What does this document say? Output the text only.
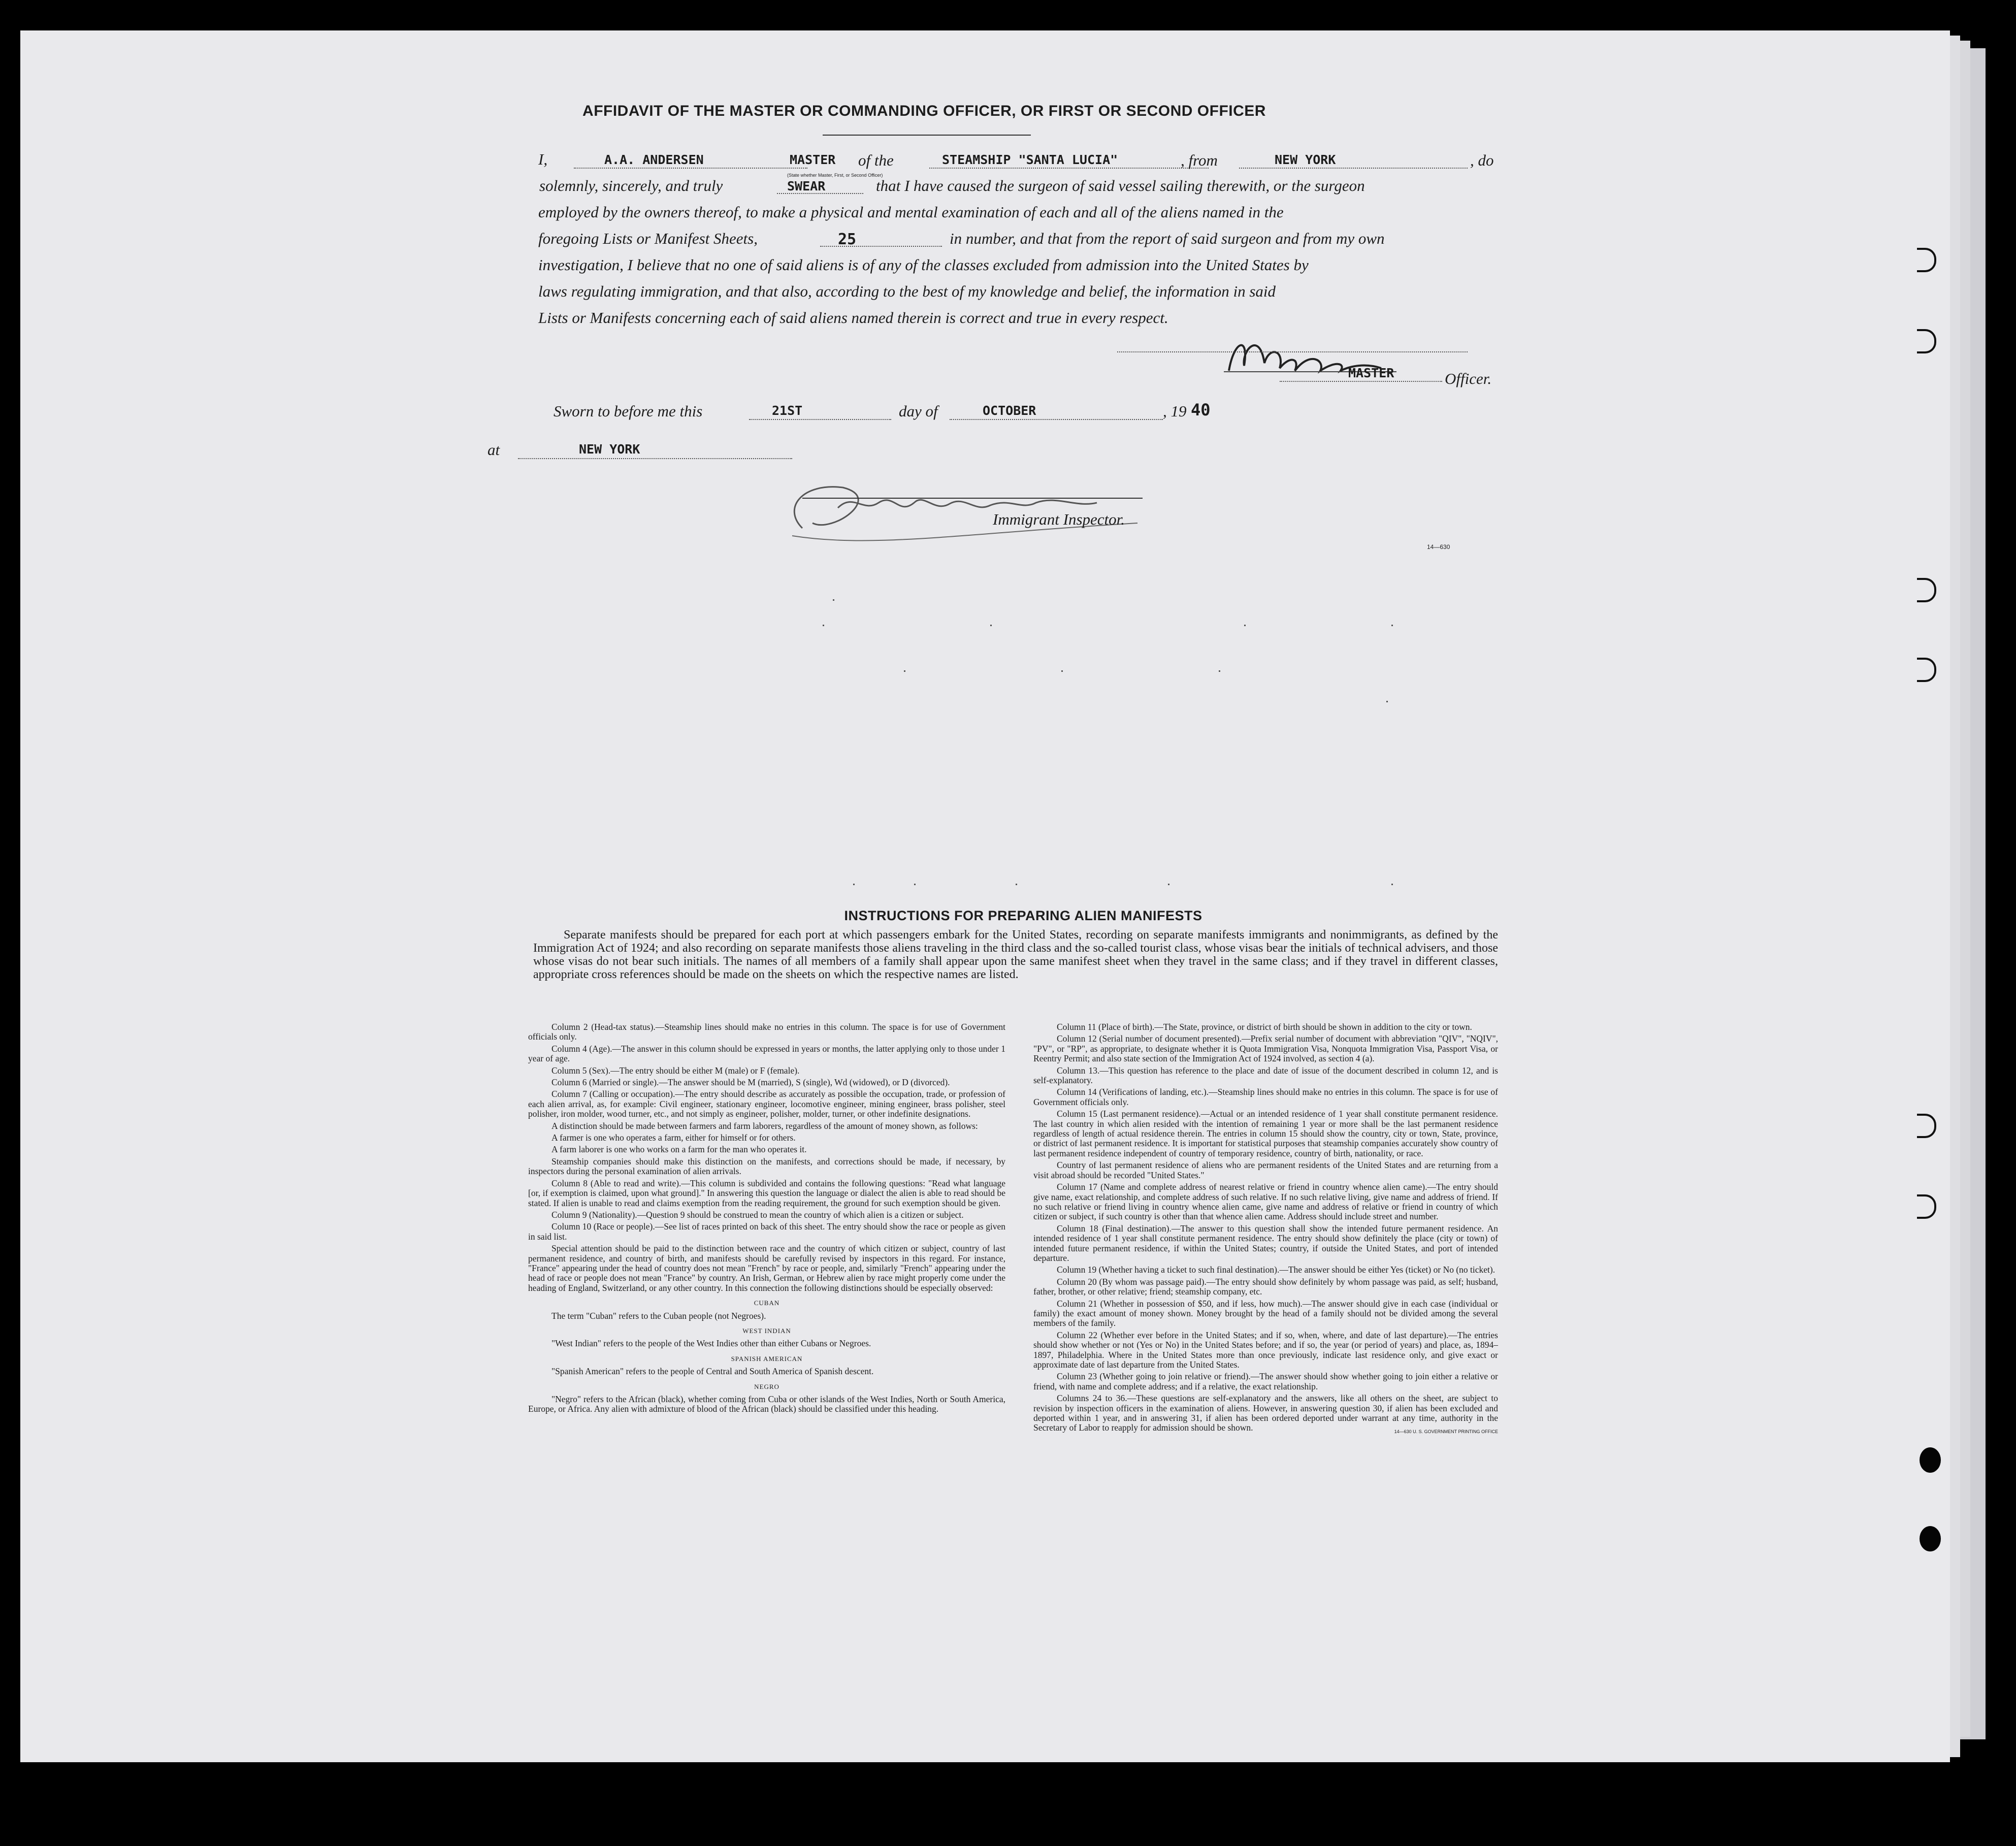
AFFIDAVIT OF THE MASTER OR COMMANDING OFFICER, OR FIRST OR SECOND OFFICER
I,	A.A. ANDERSEN	MASTER
(State whether Master, First, or Second Officer)
of the	STEAMSHIP "SANTA LUCIA"	, from	NEW YORK	, do
solemnly, sincerely, and truly	SWEAR	that I have caused the surgeon of said vessel sailing therewith, or the surgeon
employed by the owners thereof, to make a physical and mental examination of each and all of the aliens named in the
foregoing Lists or Manifest Sheets,	25	in number, and that from the report of said surgeon and from my own
investigation, I believe that no one of said aliens is of any of the classes excluded from admission into the United States by
laws regulating immigration, and that also, according to the best of my knowledge and belief, the information in said
Lists or Manifests concerning each of said aliens named therein is correct and true in every respect.
MASTER	Officer.
Sworn to before me this	21ST	day of	OCTOBER	, 19 40
at	NEW YORK
Immigrant Inspector.
14—630
INSTRUCTIONS FOR PREPARING ALIEN MANIFESTS
Separate manifests should be prepared for each port at which passengers embark for the United States, recording on separate manifests immigrants and nonimmigrants, as defined by the Immigration Act of 1924; and also recording on separate manifests those aliens traveling in the third class and the so-called tourist class, whose visas bear the initials of technical advisers, and those whose visas do not bear such initials. The names of all members of a family shall appear upon the same manifest sheet when they travel in the same class; and if they travel in different classes, appropriate cross references should be made on the sheets on which the respective names are listed.

Column 2 (Head-tax status).—Steamship lines should make no entries in this column. The space is for use of Government officials only.

Column 4 (Age).—The answer in this column should be expressed in years or months, the latter applying only to those under 1 year of age.

Column 5 (Sex).—The entry should be either M (male) or F (female).

Column 6 (Married or single).—The answer should be M (married), S (single), Wd (widowed), or D (divorced).

Column 7 (Calling or occupation).—The entry should describe as accurately as possible the occupation, trade, or profession of each alien arrival, as, for example: Civil engineer, stationary engineer, locomotive engineer, mining engineer, brass polisher, steel polisher, iron molder, wood turner, etc., and not simply as engineer, polisher, molder, turner, or other indefinite designations.

A distinction should be made between farmers and farm laborers, regardless of the amount of money shown, as follows:

A farmer is one who operates a farm, either for himself or for others.

A farm laborer is one who works on a farm for the man who operates it.

Steamship companies should make this distinction on the manifests, and corrections should be made, if necessary, by inspectors during the personal examination of alien arrivals.

Column 8 (Able to read and write).—This column is subdivided and contains the following questions: "Read what language [or, if exemption is claimed, upon what ground]." In answering this question the language or dialect the alien is able to read should be stated. If alien is unable to read and claims exemption from the reading requirement, the ground for such exemption should be given.

Column 9 (Nationality).—Question 9 should be construed to mean the country of which alien is a citizen or subject.

Column 10 (Race or people).—See list of races printed on back of this sheet. The entry should show the race or people as given in said list.

Special attention should be paid to the distinction between race and the country of which citizen or subject, country of last permanent residence, and country of birth, and manifests should be carefully revised by inspectors in this regard. For instance, "France" appearing under the head of country does not mean "French" by race or people, and, similarly "French" appearing under the head of race or people does not mean "France" by country. An Irish, German, or Hebrew alien by race might properly come under the heading of England, Switzerland, or any other country. In this connection the following distinctions should be especially observed:

CUBAN

The term "Cuban" refers to the Cuban people (not Negroes).

WEST INDIAN

"West Indian" refers to the people of the West Indies other than either Cubans or Negroes.

SPANISH AMERICAN

"Spanish American" refers to the people of Central and South America of Spanish descent.

NEGRO

"Negro" refers to the African (black), whether coming from Cuba or other islands of the West Indies, North or South America, Europe, or Africa. Any alien with admixture of blood of the African (black) should be classified under this heading.

Column 11 (Place of birth).—The State, province, or district of birth should be shown in addition to the city or town.

Column 12 (Serial number of document presented).—Prefix serial number of document with abbreviation "QIV", "NQIV", "PV", or "RP", as appropriate, to designate whether it is Quota Immigration Visa, Nonquota Immigration Visa, Passport Visa, or Reentry Permit; and also state section of the Immigration Act of 1924 involved, as section 4 (a).

Column 13.—This question has reference to the place and date of issue of the document described in column 12, and is self-explanatory.

Column 14 (Verifications of landing, etc.).—Steamship lines should make no entries in this column. The space is for use of Government officials only.

Column 15 (Last permanent residence).—Actual or an intended residence of 1 year shall constitute permanent residence. The last country in which alien resided with the intention of remaining 1 year or more shall be the last permanent residence regardless of length of actual residence therein. The entries in column 15 should show the country, city or town, State, province, or district of last permanent residence. It is important for statistical purposes that steamship companies accurately show country of last permanent residence independent of country of temporary residence, country of birth, nationality, or race.

Country of last permanent residence of aliens who are permanent residents of the United States and are returning from a visit abroad should be recorded "United States."

Column 17 (Name and complete address of nearest relative or friend in country whence alien came).—The entry should give name, exact relationship, and complete address of such relative. If no such relative living, give name and address of friend. If no such relative or friend living in country whence alien came, give name and address of relative or friend in country of which citizen or subject, if such country is other than that whence alien came. Address should include street and number.

Column 18 (Final destination).—The answer to this question shall show the intended future permanent residence. An intended residence of 1 year shall constitute permanent residence. The entry should show definitely the place (city or town) of intended future permanent residence, if within the United States; country, if outside the United States, and port of intended departure.

Column 19 (Whether having a ticket to such final destination).—The answer should be either Yes (ticket) or No (no ticket).

Column 20 (By whom was passage paid).—The entry should show definitely by whom passage was paid, as self; husband, father, brother, or other relative; friend; steamship company, etc.

Column 21 (Whether in possession of $50, and if less, how much).—The answer should give in each case (individual or family) the exact amount of money shown. Money brought by the head of a family should not be divided among the several members of the family.

Column 22 (Whether ever before in the United States; and if so, when, where, and date of last departure).—The entries should show whether or not (Yes or No) in the United States before; and if so, the year (or period of years) and place, as, 1894–1897, Philadelphia. Where in the United States more than once previously, indicate last residence only, and give exact or approximate date of last departure from the United States.

Column 23 (Whether going to join relative or friend).—The answer should show whether going to join either a relative or friend, with name and complete address; and if a relative, the exact relationship.

Columns 24 to 36.—These questions are self-explanatory and the answers, like all others on the sheet, are subject to revision by inspection officers in the examination of aliens. However, in answering question 30, if alien has been excluded and deported within 1 year, and in answering 31, if alien has been ordered deported under warrant at any time, authority in the Secretary of Labor to reapply for admission should be shown.	14—630 U. S. GOVERNMENT PRINTING OFFICE
